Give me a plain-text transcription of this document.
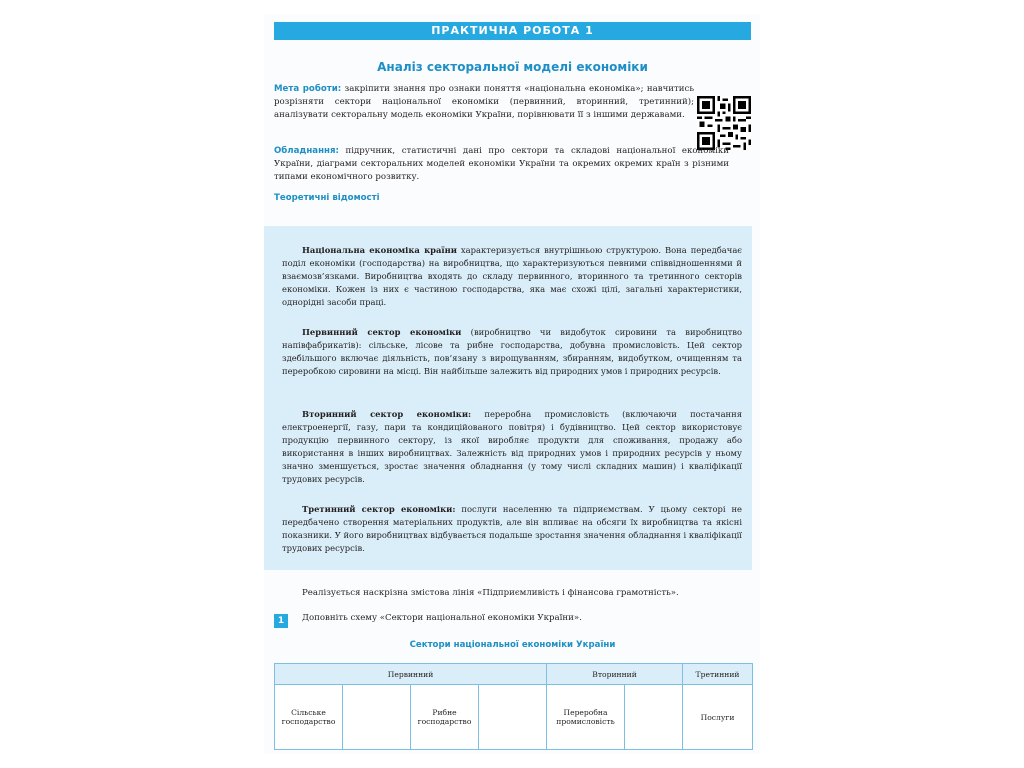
ПРАКТИЧНА РОБОТА 1
Аналіз секторальної моделі економіки
Мета роботи: закріпити знання про ознаки поняття «національна економіка»; навчитись розрізняти сектори національної економіки (первинний, вторинний, третинний); аналізувати секторальну модель економіки України, порівнювати її з іншими державами.
Обладнання: підручник, статистичні дані про сектори та складові національної економіки України, діаграми секторальних моделей економіки України та окремих окремих країн з різними типами економічного розвитку.
Теоретичні відомості
Національна економіка країни характеризується внутрішньою структурою. Вона передбачає поділ економіки (господарства) на виробництва, що характеризуються певними співвідношеннями й взаємозв’язками. Виробництва входять до складу первинного, вторинного та третинного секторів економіки. Кожен із них є частиною господарства, яка має схожі цілі, загальні характеристики, однорідні засоби праці.
Первинний сектор економіки (виробництво чи видобуток сировини та виробництво напівфабрикатів): сільське, лісове та рибне господарства, добувна промисловість. Цей сектор здебільшого включає діяльність, пов’язану з вирощуванням, збиранням, видобутком, очищенням та переробкою сировини на місці. Він найбільше залежить від природних умов і природних ресурсів.
Вторинний сектор економіки: переробна промисловість (включаючи постачання електроенергії, газу, пари та кондиційованого повітря) і будівництво. Цей сектор використовує продукцію первинного сектору, із якої виробляє продукти для споживання, продажу або використання в інших виробництвах. Залежність від природних умов і природних ресурсів у ньому значно зменшується, зростає значення обладнання (у тому числі складних машин) і кваліфікації трудових ресурсів.
Третинний сектор економіки: послуги населенню та підприємствам. У цьому секторі не передбачено створення матеріальних продуктів, але він впливає на обсяги їх виробництва та якісні показники. У його виробництвах відбувається подальше зростання значення обладнання і кваліфікації трудових ресурсів.
Реалізується наскрізна змістова лінія «Підприємливість і фінансова грамотність».
1	Доповніть схему «Сектори національної економіки України».
Сектори національної економіки України
Первинний				Вторинний		Третинний
Сільське господарство		Рибне господарство		Переробна промисловість		Послуги
